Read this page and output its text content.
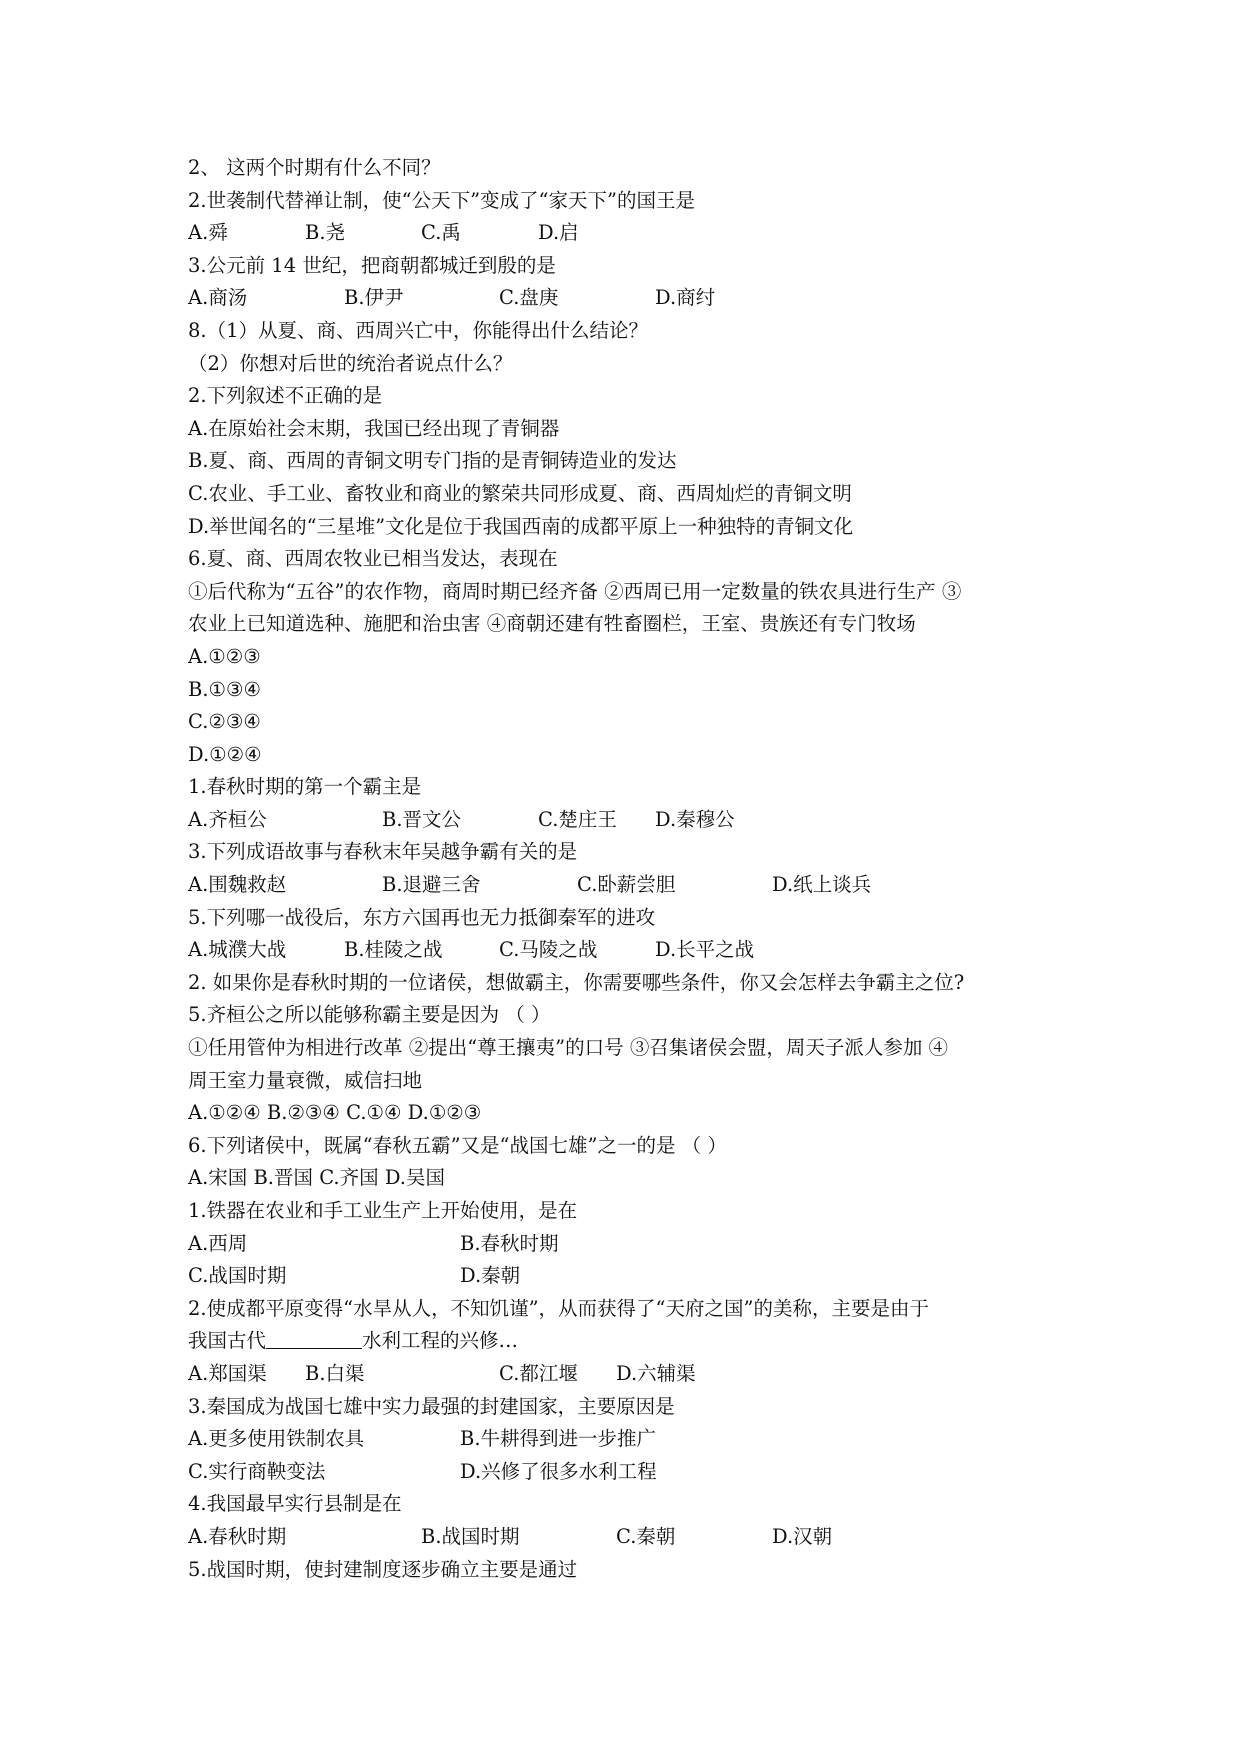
2、 这两个时期有什么不同？
2.世袭制代替禅让制，使“公天下”变成了“家天下”的国王是
A.舜	B.尧	C.禹	D.启
3.公元前 14 世纪，把商朝都城迁到殷的是
A.商汤	B.伊尹	C.盘庚	D.商纣
8.（1）从夏、商、西周兴亡中，你能得出什么结论？
（2）你想对后世的统治者说点什么？
2.下列叙述不正确的是
A.在原始社会末期，我国已经出现了青铜器
B.夏、商、西周的青铜文明专门指的是青铜铸造业的发达
C.农业、手工业、畜牧业和商业的繁荣共同形成夏、商、西周灿烂的青铜文明
D.举世闻名的“三星堆”文化是位于我国西南的成都平原上一种独特的青铜文化
6.夏、商、西周农牧业已相当发达，表现在
①后代称为“五谷”的农作物，商周时期已经齐备 ②西周已用一定数量的铁农具进行生产 ③
农业上已知道选种、施肥和治虫害 ④商朝还建有牲畜圈栏，王室、贵族还有专门牧场
A.①②③
B.①③④
C.②③④
D.①②④
1.春秋时期的第一个霸主是
A.齐桓公	B.晋文公	C.楚庄王 D.秦穆公
3.下列成语故事与春秋末年吴越争霸有关的是
A.围魏救赵	B.退避三舍	C.卧薪尝胆	D.纸上谈兵
5.下列哪一战役后，东方六国再也无力抵御秦军的进攻
A.城濮大战	B.桂陵之战	C.马陵之战	D.长平之战
2. 如果你是春秋时期的一位诸侯，想做霸主，你需要哪些条件，你又会怎样去争霸主之位?
5.齐桓公之所以能够称霸主要是因为 （ ）
①任用管仲为相进行改革 ②提出“尊王攘夷”的口号 ③召集诸侯会盟，周天子派人参加 ④
周王室力量衰微，威信扫地
A.①②④ B.②③④ C.①④ D.①②③
6.下列诸侯中，既属“春秋五霸”又是“战国七雄”之一的是 （ ）
A.宋国 B.晋国 C.齐国 D.吴国
1.铁器在农业和手工业生产上开始使用，是在
A.西周	B.春秋时期
C.战国时期	D.秦朝
2.使成都平原变得“水旱从人，不知饥谨”，从而获得了“天府之国”的美称，主要是由于
我国古代	水利工程的兴修…
A.郑国渠 B.白渠	C.都江堰 D.六辅渠
3.秦国成为战国七雄中实力最强的封建国家，主要原因是
A.更多使用铁制农具	B.牛耕得到进一步推广
C.实行商鞅变法	D.兴修了很多水利工程
4.我国最早实行县制是在
A.春秋时期	B.战国时期	C.秦朝	D.汉朝
5.战国时期，使封建制度逐步确立主要是通过
